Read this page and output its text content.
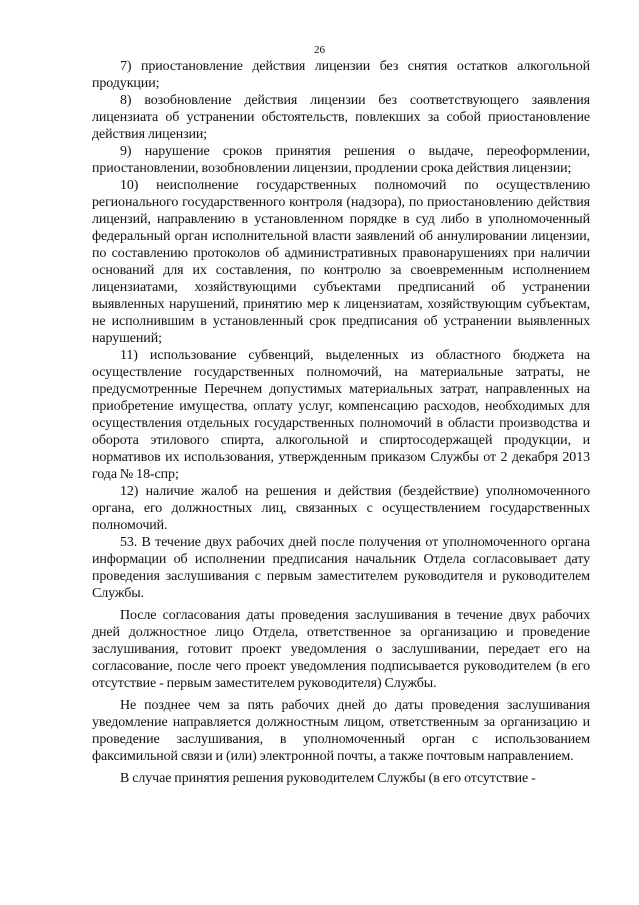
26

7) приостановление действия лицензии без снятия остатков алкогольной продукции;

8) возобновление действия лицензии без соответствующего заявления лицензиата об устранении обстоятельств, повлекших за собой приостановление действия лицензии;

9) нарушение сроков принятия решения о выдаче, переоформлении, приостановлении, возобновлении лицензии, продлении срока действия лицензии;

10) неисполнение государственных полномочий по осуществлению регионального государственного контроля (надзора), по приостановлению действия лицензий, направлению в установленном порядке в суд либо в уполномоченный федеральный орган исполнительной власти заявлений об аннулировании лицензии, по составлению протоколов об административных правонарушениях при наличии оснований для их составления, по контролю за своевременным исполнением лицензиатами, хозяйствующими субъектами предписаний об устранении выявленных нарушений, принятию мер к лицензиатам, хозяйствующим субъектам, не исполнившим в установленный срок предписания об устранении выявленных нарушений;

11) использование субвенций, выделенных из областного бюджета на осуществление государственных полномочий, на материальные затраты, не предусмотренные Перечнем допустимых материальных затрат, направленных на приобретение имущества, оплату услуг, компенсацию расходов, необходимых для осуществления отдельных государственных полномочий в области производства и оборота этилового спирта, алкогольной и спиртосодержащей продукции, и нормативов их использования, утвержденным приказом Службы от 2 декабря 2013 года № 18-спр;

12) наличие жалоб на решения и действия (бездействие) уполномоченного органа, его должностных лиц, связанных с осуществлением государственных полномочий.

53. В течение двух рабочих дней после получения от уполномоченного органа информации об исполнении предписания начальник Отдела согласовывает дату проведения заслушивания с первым заместителем руководителя и руководителем Службы.

После согласования даты проведения заслушивания в течение двух рабочих дней должностное лицо Отдела, ответственное за организацию и проведение заслушивания, готовит проект уведомления о заслушивании, передает его на согласование, после чего проект уведомления подписывается руководителем (в его отсутствие - первым заместителем руководителя) Службы.

Не позднее чем за пять рабочих дней до даты проведения заслушивания уведомление направляется должностным лицом, ответственным за организацию и проведение заслушивания, в уполномоченный орган с использованием факсимильной связи и (или) электронной почты, а также почтовым направлением.

В случае принятия решения руководителем Службы (в его отсутствие -
